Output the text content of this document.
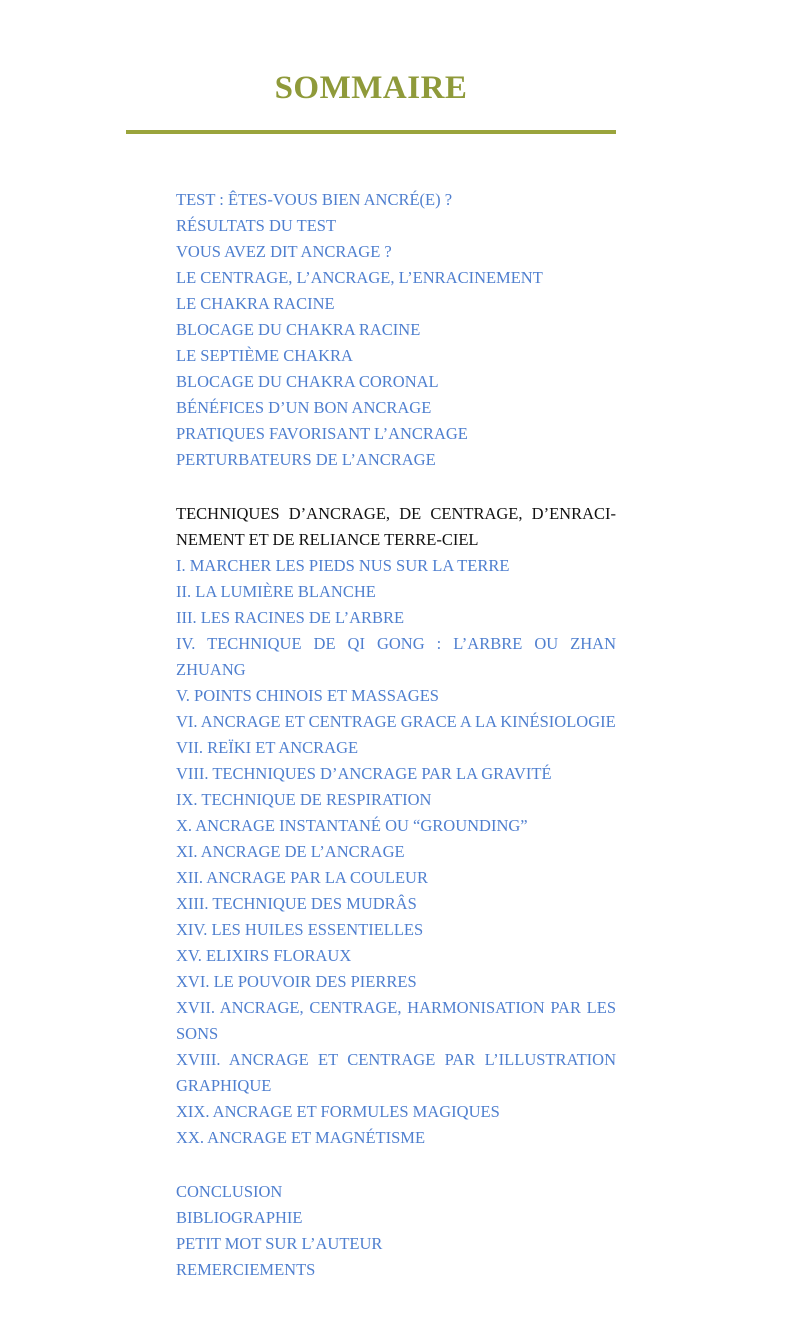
SOMMAIRE
TEST : ÊTES-VOUS BIEN ANCRÉ(E) ?
RÉSULTATS DU TEST
VOUS AVEZ DIT ANCRAGE ?
LE CENTRAGE, L’ANCRAGE, L’ENRACINEMENT
LE CHAKRA RACINE
BLOCAGE DU CHAKRA RACINE
LE SEPTIÈME CHAKRA
BLOCAGE DU CHAKRA CORONAL
BÉNÉFICES D’UN BON ANCRAGE
PRATIQUES FAVORISANT L’ANCRAGE
PERTURBATEURS DE L’ANCRAGE
TECHNIQUES D’ANCRAGE, DE CENTRAGE, D’ENRACI-NEMENT ET DE RELIANCE TERRE-CIEL
I. MARCHER LES PIEDS NUS SUR LA TERRE
II. LA LUMIÈRE BLANCHE
III. LES RACINES DE L’ARBRE
IV. TECHNIQUE DE QI GONG : L’ARBRE OU ZHAN ZHUANG
V. POINTS CHINOIS ET MASSAGES
VI. ANCRAGE ET CENTRAGE GRACE A LA KINÉSIOLOGIE
VII. REÏKI ET ANCRAGE
VIII. TECHNIQUES D’ANCRAGE PAR LA GRAVITÉ
IX. TECHNIQUE DE RESPIRATION
X. ANCRAGE INSTANTANÉ OU “GROUNDING”
XI. ANCRAGE DE L’ANCRAGE
XII. ANCRAGE PAR LA COULEUR
XIII. TECHNIQUE DES MUDRÂS
XIV. LES HUILES ESSENTIELLES
XV. ELIXIRS FLORAUX
XVI. LE POUVOIR DES PIERRES
XVII. ANCRAGE, CENTRAGE, HARMONISATION PAR LES SONS
XVIII. ANCRAGE ET CENTRAGE PAR L’ILLUSTRATION GRAPHIQUE
XIX. ANCRAGE ET FORMULES MAGIQUES
XX. ANCRAGE ET MAGNÉTISME
CONCLUSION
BIBLIOGRAPHIE
PETIT MOT SUR L’AUTEUR
REMERCIEMENTS
